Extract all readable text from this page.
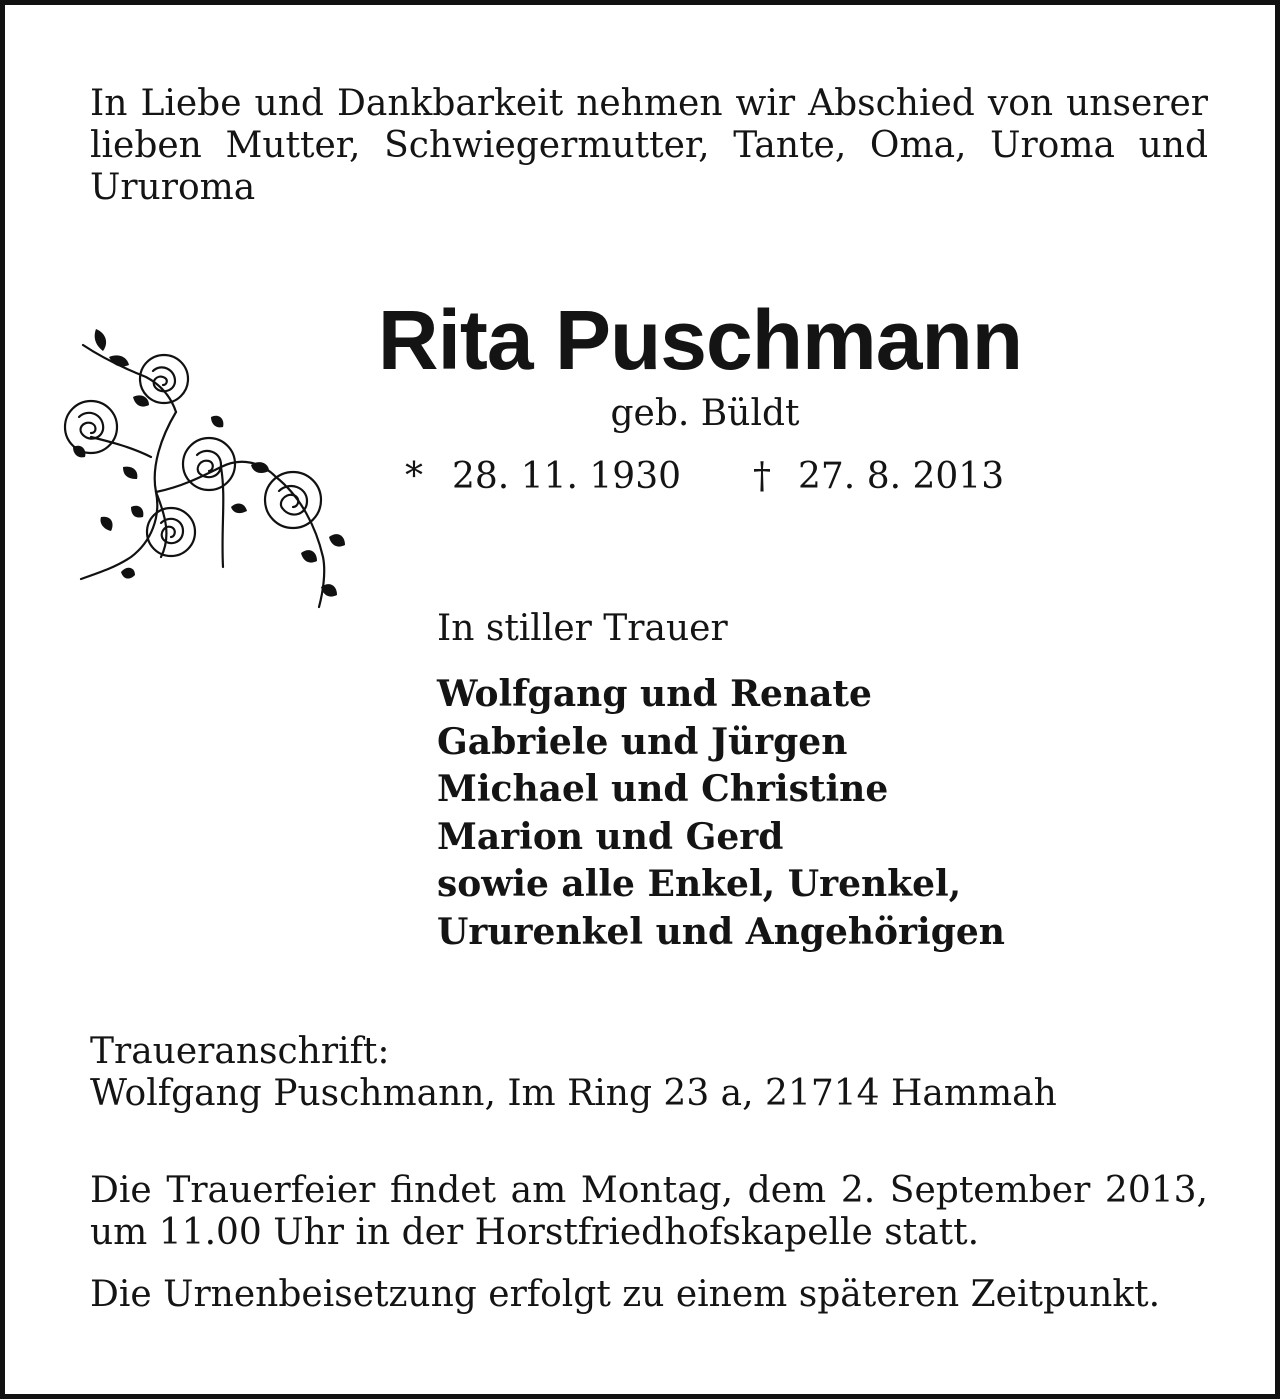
In Liebe und Dankbarkeit nehmen wir Abschied von unserer lieben Mutter, Schwiegermutter, Tante, Oma, Uroma und Ururoma

Rita Puschmann
geb. Büldt
* 28. 11. 1930 † 27. 8. 2013
In stiller Trauer
Wolfgang und Renate
Gabriele und Jürgen
Michael und Christine
Marion und Gerd
sowie alle Enkel, Urenkel,
Ururenkel und Angehörigen
Traueranschrift:
Wolfgang Puschmann, Im Ring 23 a, 21714 Hammah

Die Trauerfeier findet am Montag, dem 2. September 2013, um 11.00 Uhr in der Horstfriedhofskapelle statt.

Die Urnenbeisetzung erfolgt zu einem späteren Zeitpunkt.
